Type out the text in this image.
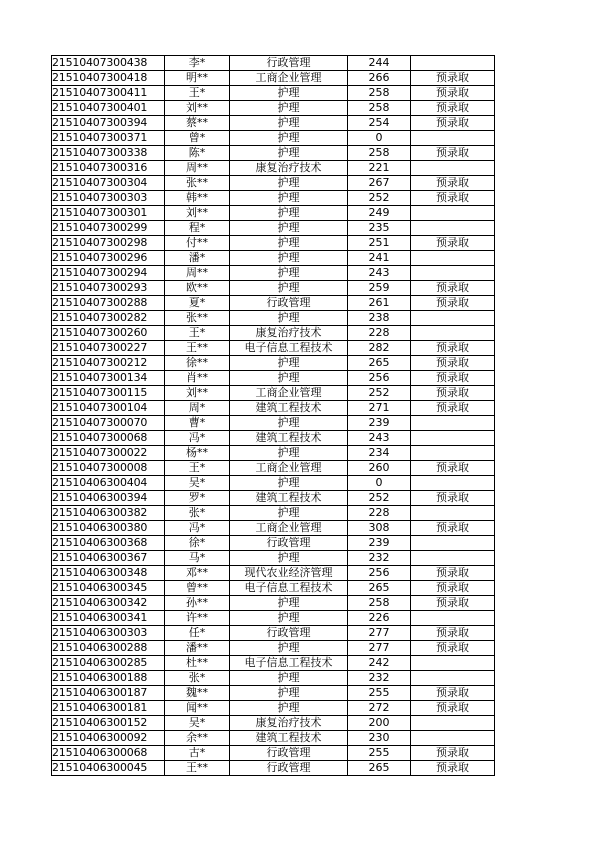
21510407300438	李*	行政管理	244	
21510407300418	明**	工商企业管理	266	预录取
21510407300411	王*	护理	258	预录取
21510407300401	刘**	护理	258	预录取
21510407300394	蔡**	护理	254	预录取
21510407300371	曾*	护理	0	
21510407300338	陈*	护理	258	预录取
21510407300316	周**	康复治疗技术	221	
21510407300304	张**	护理	267	预录取
21510407300303	韩**	护理	252	预录取
21510407300301	刘**	护理	249	
21510407300299	程*	护理	235	
21510407300298	付**	护理	251	预录取
21510407300296	潘*	护理	241	
21510407300294	周**	护理	243	
21510407300293	欧**	护理	259	预录取
21510407300288	夏*	行政管理	261	预录取
21510407300282	张**	护理	238	
21510407300260	王*	康复治疗技术	228	
21510407300227	王**	电子信息工程技术	282	预录取
21510407300212	徐**	护理	265	预录取
21510407300134	肖**	护理	256	预录取
21510407300115	刘**	工商企业管理	252	预录取
21510407300104	周*	建筑工程技术	271	预录取
21510407300070	曹*	护理	239	
21510407300068	冯*	建筑工程技术	243	
21510407300022	杨**	护理	234	
21510407300008	王*	工商企业管理	260	预录取
21510406300404	吴*	护理	0	
21510406300394	罗*	建筑工程技术	252	预录取
21510406300382	张*	护理	228	
21510406300380	冯*	工商企业管理	308	预录取
21510406300368	徐*	行政管理	239	
21510406300367	马*	护理	232	
21510406300348	邓**	现代农业经济管理	256	预录取
21510406300345	曾**	电子信息工程技术	265	预录取
21510406300342	孙**	护理	258	预录取
21510406300341	许**	护理	226	
21510406300303	任*	行政管理	277	预录取
21510406300288	潘**	护理	277	预录取
21510406300285	杜**	电子信息工程技术	242	
21510406300188	张*	护理	232	
21510406300187	魏**	护理	255	预录取
21510406300181	闻**	护理	272	预录取
21510406300152	吴*	康复治疗技术	200	
21510406300092	余**	建筑工程技术	230	
21510406300068	古*	行政管理	255	预录取
21510406300045	王**	行政管理	265	预录取
